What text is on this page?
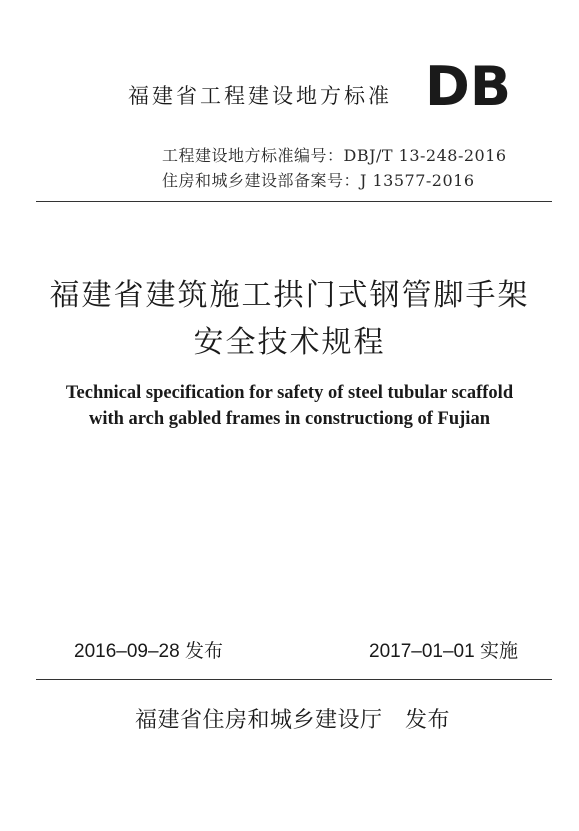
福建省工程建设地方标准 DB
工程建设地方标准编号：DBJ/T 13-248-2016
住房和城乡建设部备案号：J 13577-2016
福建省建筑施工拱门式钢管脚手架
安全技术规程
Technical specification for safety of steel tubular scaffold
with arch gabled frames in constructiong of Fujian
2016–09–28 发布	2017–01–01 实施
福建省住房和城乡建设厅　发布
